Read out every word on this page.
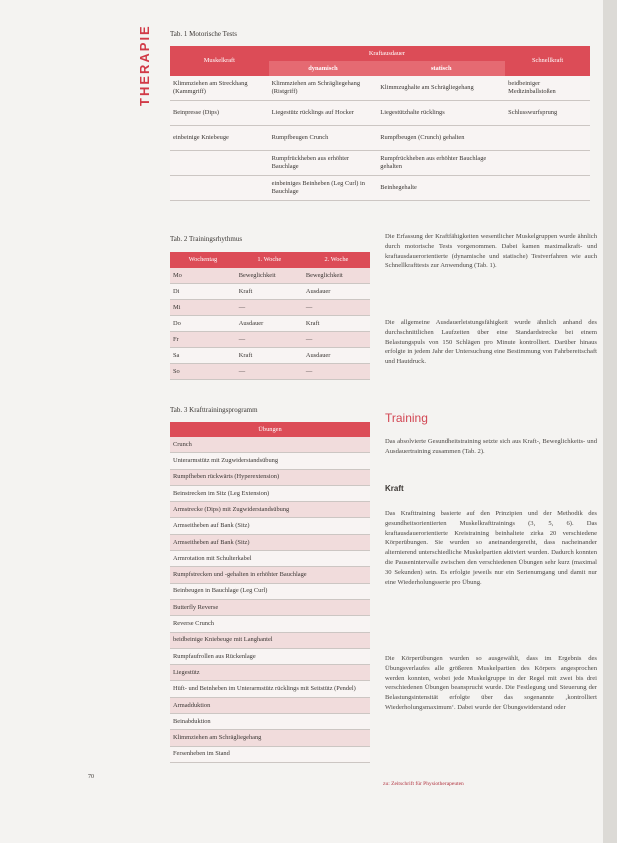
THERAPIE	Tab. 1 Motorische Tests
Muskelkraft	Kraftausdauer		Schnellkraft
	dynamisch	statisch	
Klimmziehen am Streckhang (Kammgriff)	Klimmziehen am Schrägliegehang (Ristgriff)	Klimmzughalte am Schrägliegehang	beidbeiniger Medizinballstoßen
Beinpresse (Dips)	Liegestütz rücklings auf Hocker	Liegestützhalte rücklings	Schlusswurfsprung
einbeinige Kniebeuge	Rumpfbeugen Crunch	Rumpfbeugen (Crunch) gehalten	
	Rumpfrückheben aus erhöhter Bauchlage	Rumpfrückheben aus erhöhter Bauchlage gehalten	
	einbeiniges Beinheben (Leg Curl) in Bauchlage	Beinhegehalte	
Tab. 2 Trainingsrhythmus
Wochentag	1. Woche	2. Woche
Mo	Beweglichkeit	Beweglichkeit
Di	Kraft	Ausdauer
Mi	—	—
Do	Ausdauer	Kraft
Fr	—	—
Sa	Kraft	Ausdauer
So	—	—
Tab. 3 Krafttrainingsprogramm
Übungen
Crunch
Unterarmstütz mit Zugwiderstandsübung
Rumpfheben rückwärts (Hyperextension)
Beinstrecken im Sitz (Leg Extension)
Armstrecke (Dips) mit Zugwiderstandsübung
Armseitheben auf Bank (Sitz)
Armseitheben auf Bank (Sitz)
Armrotation mit Schulterkabel
Rumpfstrecken und -gehalten in erhöhter Bauchlage
Beinbeugen in Bauchlage (Leg Curl)
Butterfly Reverse
Reverse Crunch
beidbeinige Kniebeuge mit Langhantel
Rumpfaufrollen aus Rückenlage
Liegestütz
Hüft- und Beinheben im Unterarmstütz rücklings mit Seitstütz (Pendel)
Armadduktion
Beinabduktion
Klimmziehen am Schrägliegehang
Fersenheben im Stand
Die Erfassung der Kraftfähigkeiten wesentlicher Muskelgruppen wurde ähnlich durch motorische Tests vorgenommen. Dabei kamen maximalkraft- und kraftausdauerorientierte (dynamische und statische) Testverfahren wie auch Schnellkrafttests zur Anwendung (Tab. 1).
Die allgemeine Ausdauerleistungsfähigkeit wurde ähnlich anhand des durchschnittlichen Laufzeiten über eine Standardstrecke bei einem Belastungspuls von 150 Schlägen pro Minute kontrolliert. Darüber hinaus erfolgte in jedem Jahr der Untersuchung eine Bestimmung von Fahrbereitschaft und Hautdruck.
Training
Das absolvierte Gesundheitstraining setzte sich aus Kraft-, Beweglichkeits- und Ausdauertraining zusammen (Tab. 2).
Kraft
Das Krafttraining basierte auf den Prinzipien und der Methodik des gesundheitsorientierten Muskelkrafttrainings (3, 5, 6). Das kraftausdauerorientierte Kreistraining beinhaltete zirka 20 verschiedene Körperübungen. Sie wurden so aneinandergereiht, dass nacheinander alternierend unterschiedliche Muskelpartien aktiviert wurden. Dadurch konnten die Pausenintervalle zwischen den verschiedenen Übungen sehr kurz (maximal 30 Sekunden) sein. Es erfolgte jeweils nur ein Serienumgang und damit nur eine Wiederholungsserie pro Übung.
Die Körperübungen wurden so ausgewählt, dass im Ergebnis des Übungsverlaufes alle größeren Muskelpartien des Körpers angesprochen werden konnten, wobei jede Muskelgruppe in der Regel mit zwei bis drei verschiedenen Übungen beansprucht wurde. Die Festlegung und Steuerung der Belastungsintensität erfolgte über das sogenannte ‚kontrolliert Wiederholungsmaximum‘. Dabei wurde der Übungswiderstand oder
70
zu: Zeitschrift für Physiotherapeuten
